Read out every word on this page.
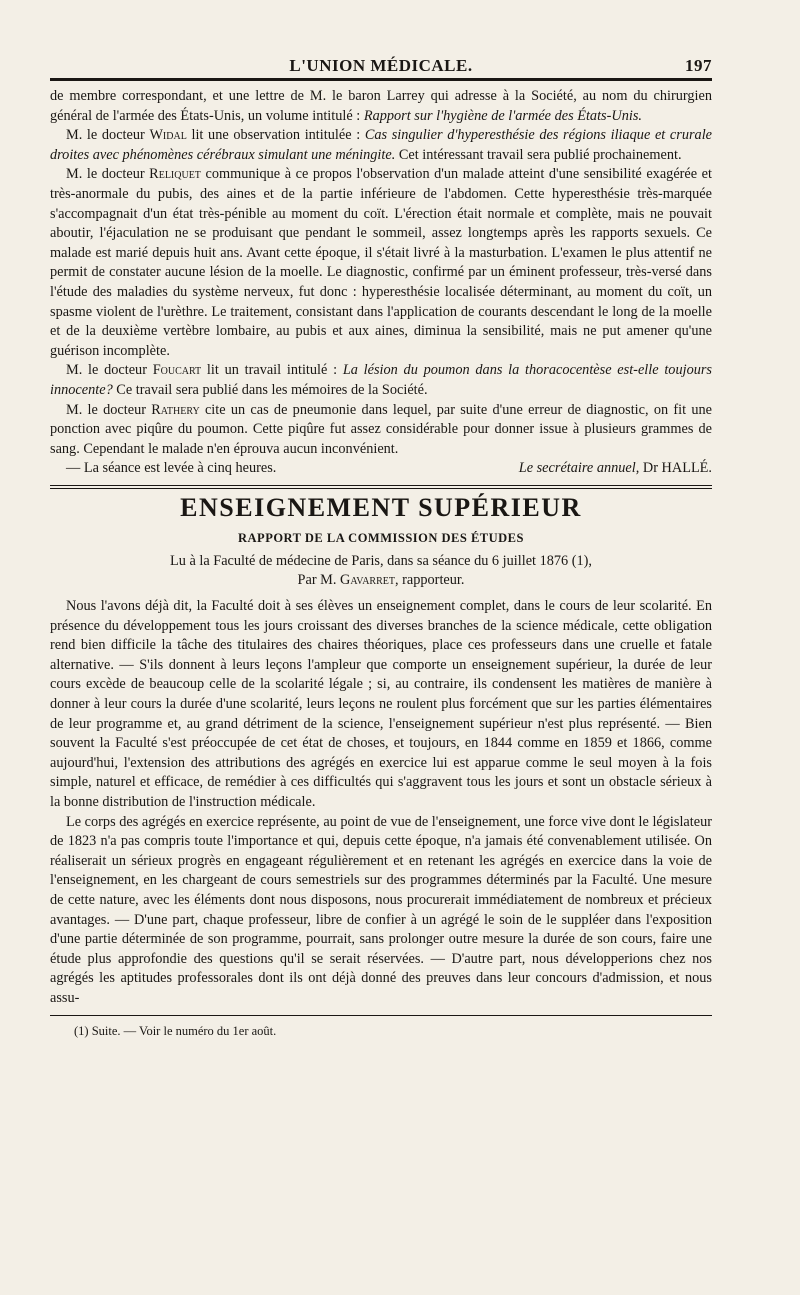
L'UNION MÉDICALE.	197

de membre correspondant, et une lettre de M. le baron Larrey qui adresse à la Société, au nom du chirurgien général de l'armée des États-Unis, un volume intitulé : Rapport sur l'hygiène de l'armée des États-Unis.

M. le docteur Widal lit une observation intitulée : Cas singulier d'hyperesthésie des régions iliaque et crurale droites avec phénomènes cérébraux simulant une méningite. Cet intéressant travail sera publié prochainement.

M. le docteur Reliquet communique à ce propos l'observation d'un malade atteint d'une sensibilité exagérée et très-anormale du pubis, des aines et de la partie inférieure de l'abdomen. Cette hyperesthésie très-marquée s'accompagnait d'un état très-pénible au moment du coït. L'érection était normale et complète, mais ne pouvait aboutir, l'éjaculation ne se produisant que pendant le sommeil, assez longtemps après les rapports sexuels. Ce malade est marié depuis huit ans. Avant cette époque, il s'était livré à la masturbation. L'examen le plus attentif ne permit de constater aucune lésion de la moelle. Le diagnostic, confirmé par un éminent professeur, très-versé dans l'étude des maladies du système nerveux, fut donc : hyperesthésie localisée déterminant, au moment du coït, un spasme violent de l'urèthre. Le traitement, consistant dans l'application de courants descendant le long de la moelle et de la deuxième vertèbre lombaire, au pubis et aux aines, diminua la sensibilité, mais ne put amener qu'une guérison incomplète.

M. le docteur Foucart lit un travail intitulé : La lésion du poumon dans la thoracocentèse est-elle toujours innocente? Ce travail sera publié dans les mémoires de la Société.

M. le docteur Rathery cite un cas de pneumonie dans lequel, par suite d'une erreur de diagnostic, on fit une ponction avec piqûre du poumon. Cette piqûre fut assez considérable pour donner issue à plusieurs grammes de sang. Cependant le malade n'en éprouva aucun inconvénient.

— La séance est levée à cinq heures.	Le secrétaire annuel, Dr HALLÉ.

ENSEIGNEMENT SUPÉRIEUR
RAPPORT DE LA COMMISSION DES ÉTUDES
Lu à la Faculté de médecine de Paris, dans sa séance du 6 juillet 1876 (1),
Par M. Gavarret, rapporteur.

Nous l'avons déjà dit, la Faculté doit à ses élèves un enseignement complet, dans le cours de leur scolarité. En présence du développement tous les jours croissant des diverses branches de la science médicale, cette obligation rend bien difficile la tâche des titulaires des chaires théoriques, place ces professeurs dans une cruelle et fatale alternative. — S'ils donnent à leurs leçons l'ampleur que comporte un enseignement supérieur, la durée de leur cours excède de beaucoup celle de la scolarité légale ; si, au contraire, ils condensent les matières de manière à donner à leur cours la durée d'une scolarité, leurs leçons ne roulent plus forcément que sur les parties élémentaires de leur programme et, au grand détriment de la science, l'enseignement supérieur n'est plus représenté. — Bien souvent la Faculté s'est préoccupée de cet état de choses, et toujours, en 1844 comme en 1859 et 1866, comme aujourd'hui, l'extension des attributions des agrégés en exercice lui est apparue comme le seul moyen à la fois simple, naturel et efficace, de remédier à ces difficultés qui s'aggravent tous les jours et sont un obstacle sérieux à la bonne distribution de l'instruction médicale.

Le corps des agrégés en exercice représente, au point de vue de l'enseignement, une force vive dont le législateur de 1823 n'a pas compris toute l'importance et qui, depuis cette époque, n'a jamais été convenablement utilisée. On réaliserait un sérieux progrès en engageant régulièrement et en retenant les agrégés en exercice dans la voie de l'enseignement, en les chargeant de cours semestriels sur des programmes déterminés par la Faculté. Une mesure de cette nature, avec les éléments dont nous disposons, nous procurerait immédiatement de nombreux et précieux avantages. — D'une part, chaque professeur, libre de confier à un agrégé le soin de le suppléer dans l'exposition d'une partie déterminée de son programme, pourrait, sans prolonger outre mesure la durée de son cours, faire une étude plus approfondie des questions qu'il se serait réservées. — D'autre part, nous développerions chez nos agrégés les aptitudes professorales dont ils ont déjà donné des preuves dans leur concours d'admission, et nous assu-

(1) Suite. — Voir le numéro du 1er août.
